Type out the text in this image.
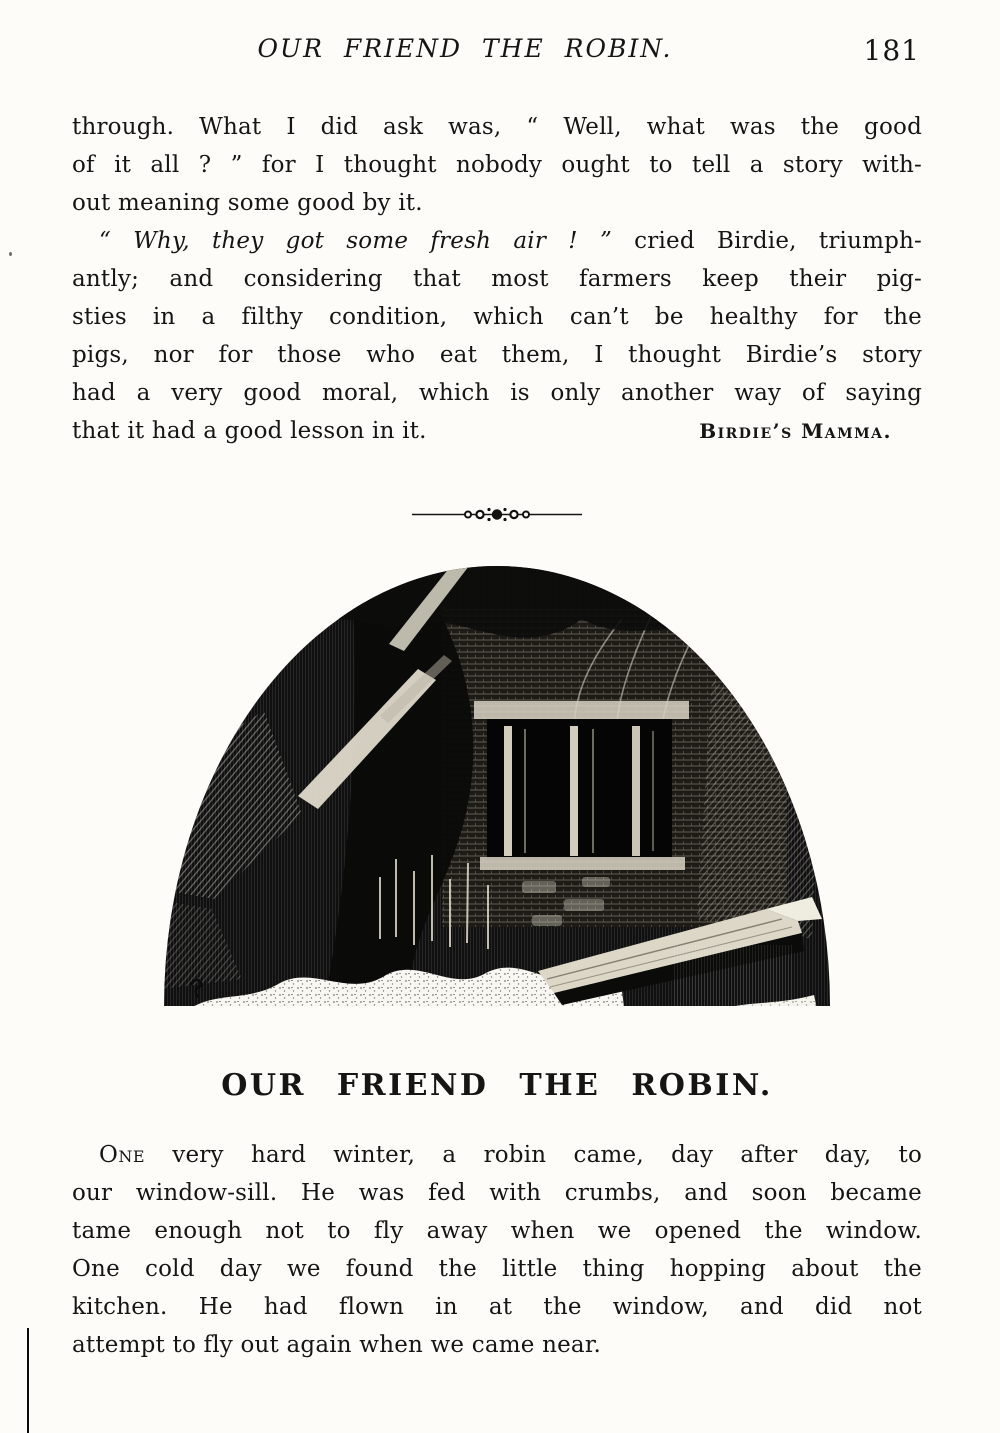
OUR FRIEND THE ROBIN.	181
through. What I did ask was, “ Well, what was the good
of it all ? ” for I thought nobody ought to tell a story with-
out meaning some good by it.
“ Why, they got some fresh air ! ” cried Birdie, triumph-
antly; and considering that most farmers keep their pig-
sties in a filthy condition, which can’t be healthy for the
pigs, nor for those who eat them, I thought Birdie’s story
had a very good moral, which is only another way of saying
that it had a good lesson in it.	Birdie’s Mamma.
OUR FRIEND THE ROBIN.
One very hard winter, a robin came, day after day, to
our window-sill. He was fed with crumbs, and soon became
tame enough not to fly away when we opened the window.
One cold day we found the little thing hopping about the
kitchen. He had flown in at the window, and did not
attempt to fly out again when we came near.
